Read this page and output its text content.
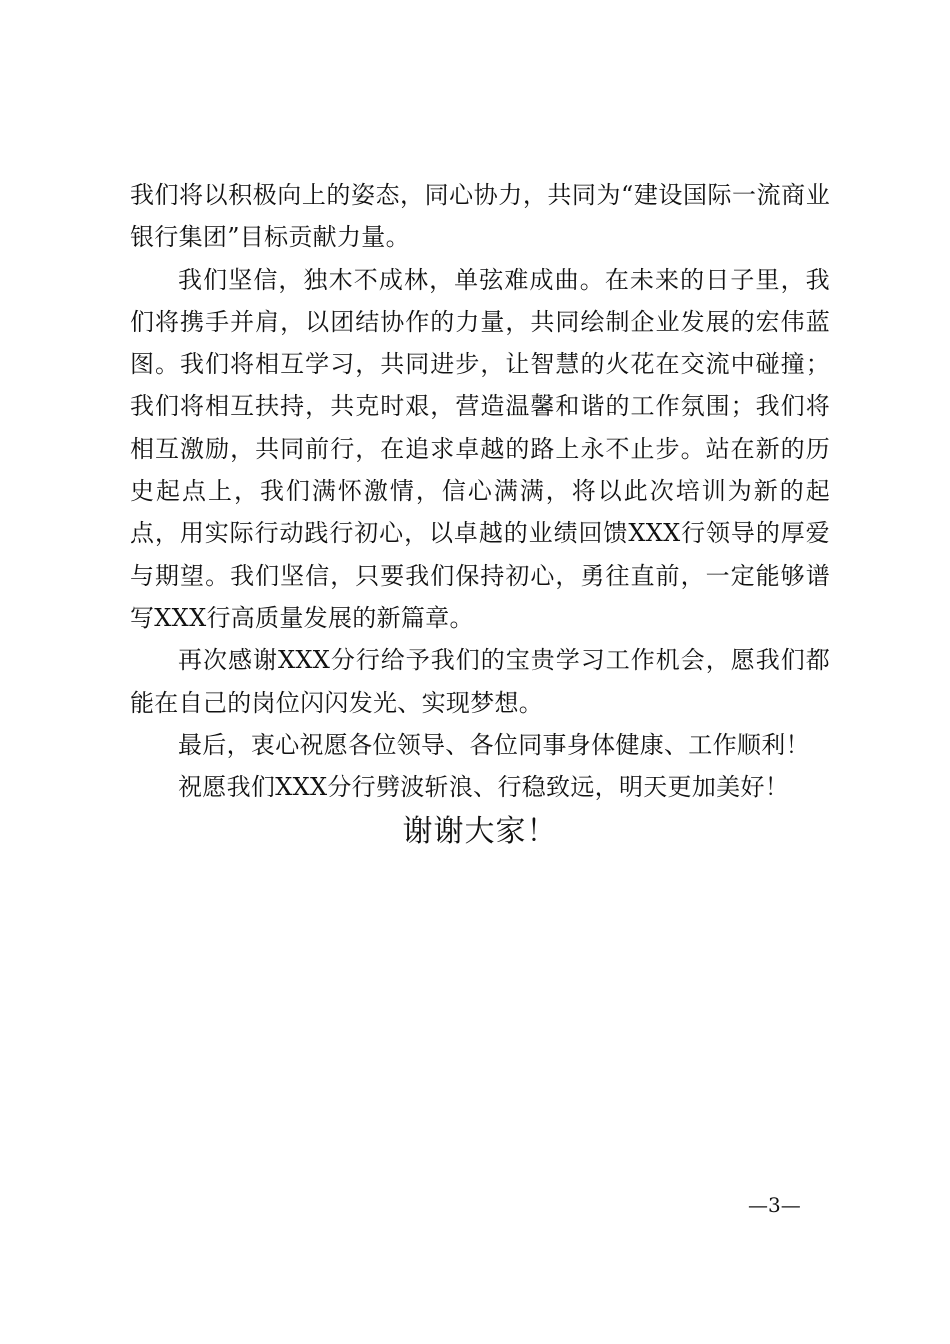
我们将以积极向上的姿态，同心协力，共同为“建设国际一流商业银行集团”目标贡献力量。

我们坚信，独木不成林，单弦难成曲。在未来的日子里，我们将携手并肩，以团结协作的力量，共同绘制企业发展的宏伟蓝图。我们将相互学习，共同进步，让智慧的火花在交流中碰撞；我们将相互扶持，共克时艰，营造温馨和谐的工作氛围；我们将相互激励，共同前行，在追求卓越的路上永不止步。站在新的历史起点上，我们满怀激情，信心满满，将以此次培训为新的起点，用实际行动践行初心，以卓越的业绩回馈XXX行领导的厚爱与期望。我们坚信，只要我们保持初心，勇往直前，一定能够谱写XXX行高质量发展的新篇章。

再次感谢XXX分行给予我们的宝贵学习工作机会，愿我们都能在自己的岗位闪闪发光、实现梦想。

最后，衷心祝愿各位领导、各位同事身体健康、工作顺利！

祝愿我们XXX分行劈波斩浪、行稳致远，明天更加美好！

谢谢大家！

—3—
